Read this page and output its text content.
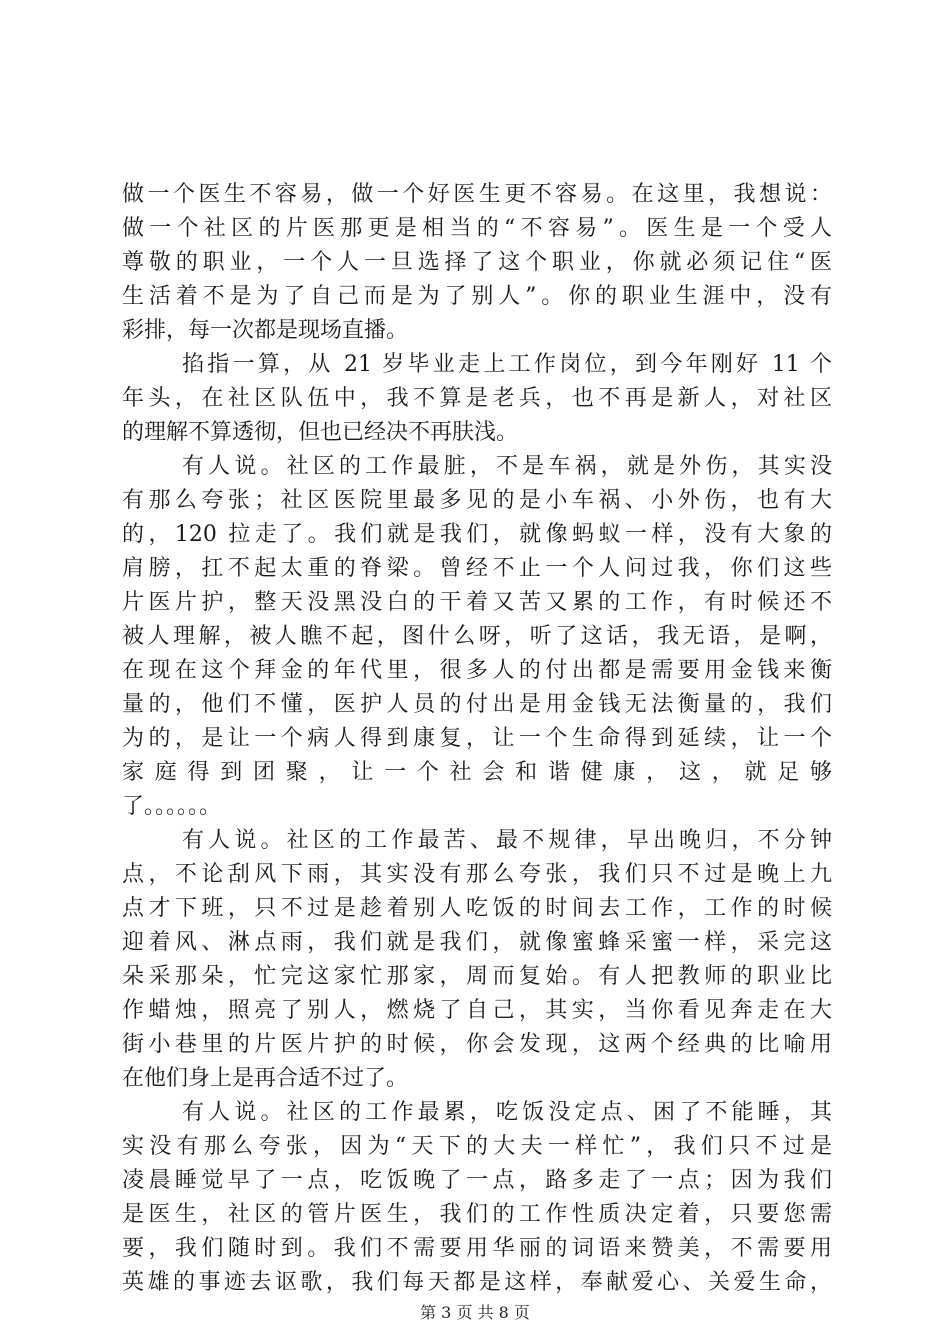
做一个医生不容易，做一个好医生更不容易。在这里，我想说：
做一个社区的片医那更是相当的“不容易”。医生是一个受人
尊敬的职业，一个人一旦选择了这个职业，你就必须记住“医
生活着不是为了自己而是为了别人”。你的职业生涯中，没有
彩排，每一次都是现场直播。
掐指一算，从 21 岁毕业走上工作岗位，到今年刚好 11 个
年头，在社区队伍中，我不算是老兵，也不再是新人，对社区
的理解不算透彻，但也已经决不再肤浅。
有人说。社区的工作最脏，不是车祸，就是外伤，其实没
有那么夸张；社区医院里最多见的是小车祸、小外伤，也有大
的，120 拉走了。我们就是我们，就像蚂蚁一样，没有大象的
肩膀，扛不起太重的脊梁。曾经不止一个人问过我，你们这些
片医片护，整天没黑没白的干着又苦又累的工作，有时候还不
被人理解，被人瞧不起，图什么呀，听了这话，我无语，是啊，
在现在这个拜金的年代里，很多人的付出都是需要用金钱来衡
量的，他们不懂，医护人员的付出是用金钱无法衡量的，我们
为的，是让一个病人得到康复，让一个生命得到延续，让一个
家庭得到团聚，让一个社会和谐健康，这，就足够
了。。。。。。
有人说。社区的工作最苦、最不规律，早出晚归，不分钟
点，不论刮风下雨，其实没有那么夸张，我们只不过是晚上九
点才下班，只不过是趁着别人吃饭的时间去工作，工作的时候
迎着风、淋点雨，我们就是我们，就像蜜蜂采蜜一样，采完这
朵采那朵，忙完这家忙那家，周而复始。有人把教师的职业比
作蜡烛，照亮了别人，燃烧了自己，其实，当你看见奔走在大
街小巷里的片医片护的时候，你会发现，这两个经典的比喻用
在他们身上是再合适不过了。
有人说。社区的工作最累，吃饭没定点、困了不能睡，其
实没有那么夸张，因为“天下的大夫一样忙”，我们只不过是
凌晨睡觉早了一点，吃饭晚了一点，路多走了一点；因为我们
是医生，社区的管片医生，我们的工作性质决定着，只要您需
要，我们随时到。我们不需要用华丽的词语来赞美，不需要用
英雄的事迹去讴歌，我们每天都是这样，奉献爱心、关爱生命，
第 3 页 共 8 页
